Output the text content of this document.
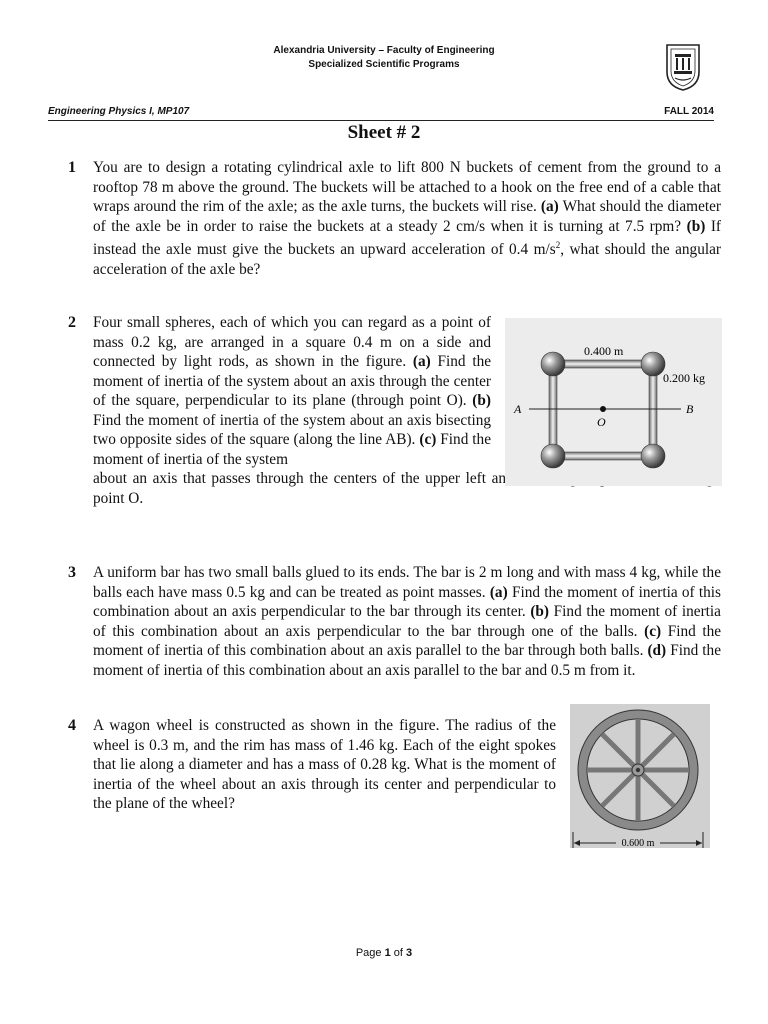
Alexandria University – Faculty of Engineering
Specialized Scientific Programs
Engineering Physics I, MP107	FALL 2014
Sheet # 2
1 You are to design a rotating cylindrical axle to lift 800 N buckets of cement from the ground to a rooftop 78 m above the ground. The buckets will be attached to a hook on the free end of a cable that wraps around the rim of the axle; as the axle turns, the buckets will rise. (a) What should the diameter of the axle be in order to raise the buckets at a steady 2 cm/s when it is turning at 7.5 rpm? (b) If instead the axle must give the buckets an upward acceleration of 0.4 $m/s^2$, what should the angular acceleration of the axle be?
2 Four small spheres, each of which you can regard as a point of mass 0.2 kg, are arranged in a square 0.4 m on a side and connected by light rods, as shown in the figure. (a) Find the moment of inertia of the system about an axis through the center of the square, perpendicular to its plane (through point O). (b) Find the moment of inertia of the system about an axis bisecting two opposite sides of the square (along the line AB). (c) Find the moment of inertia of the system
about an axis that passes through the centers of the upper left and lower right spheres and through point O.
0.400 m
0.200 kg
A	B
O
3 A uniform bar has two small balls glued to its ends. The bar is 2 m long and with mass 4 kg, while the balls each have mass 0.5 kg and can be treated as point masses. (a) Find the moment of inertia of this combination about an axis perpendicular to the bar through its center. (b) Find the moment of inertia of this combination about an axis perpendicular to the bar through one of the balls. (c) Find the moment of inertia of this combination about an axis parallel to the bar through both balls. (d) Find the moment of inertia of this combination about an axis parallel to the bar and 0.5 m from it.
4 A wagon wheel is constructed as shown in the figure. The radius of the wheel is 0.3 m, and the rim has mass of 1.46 kg. Each of the eight spokes that lie along a diameter and has a mass of 0.28 kg. What is the moment of inertia of the wheel about an axis through its center and perpendicular to the plane of the wheel?
0.600 m
Page 1 of 3
